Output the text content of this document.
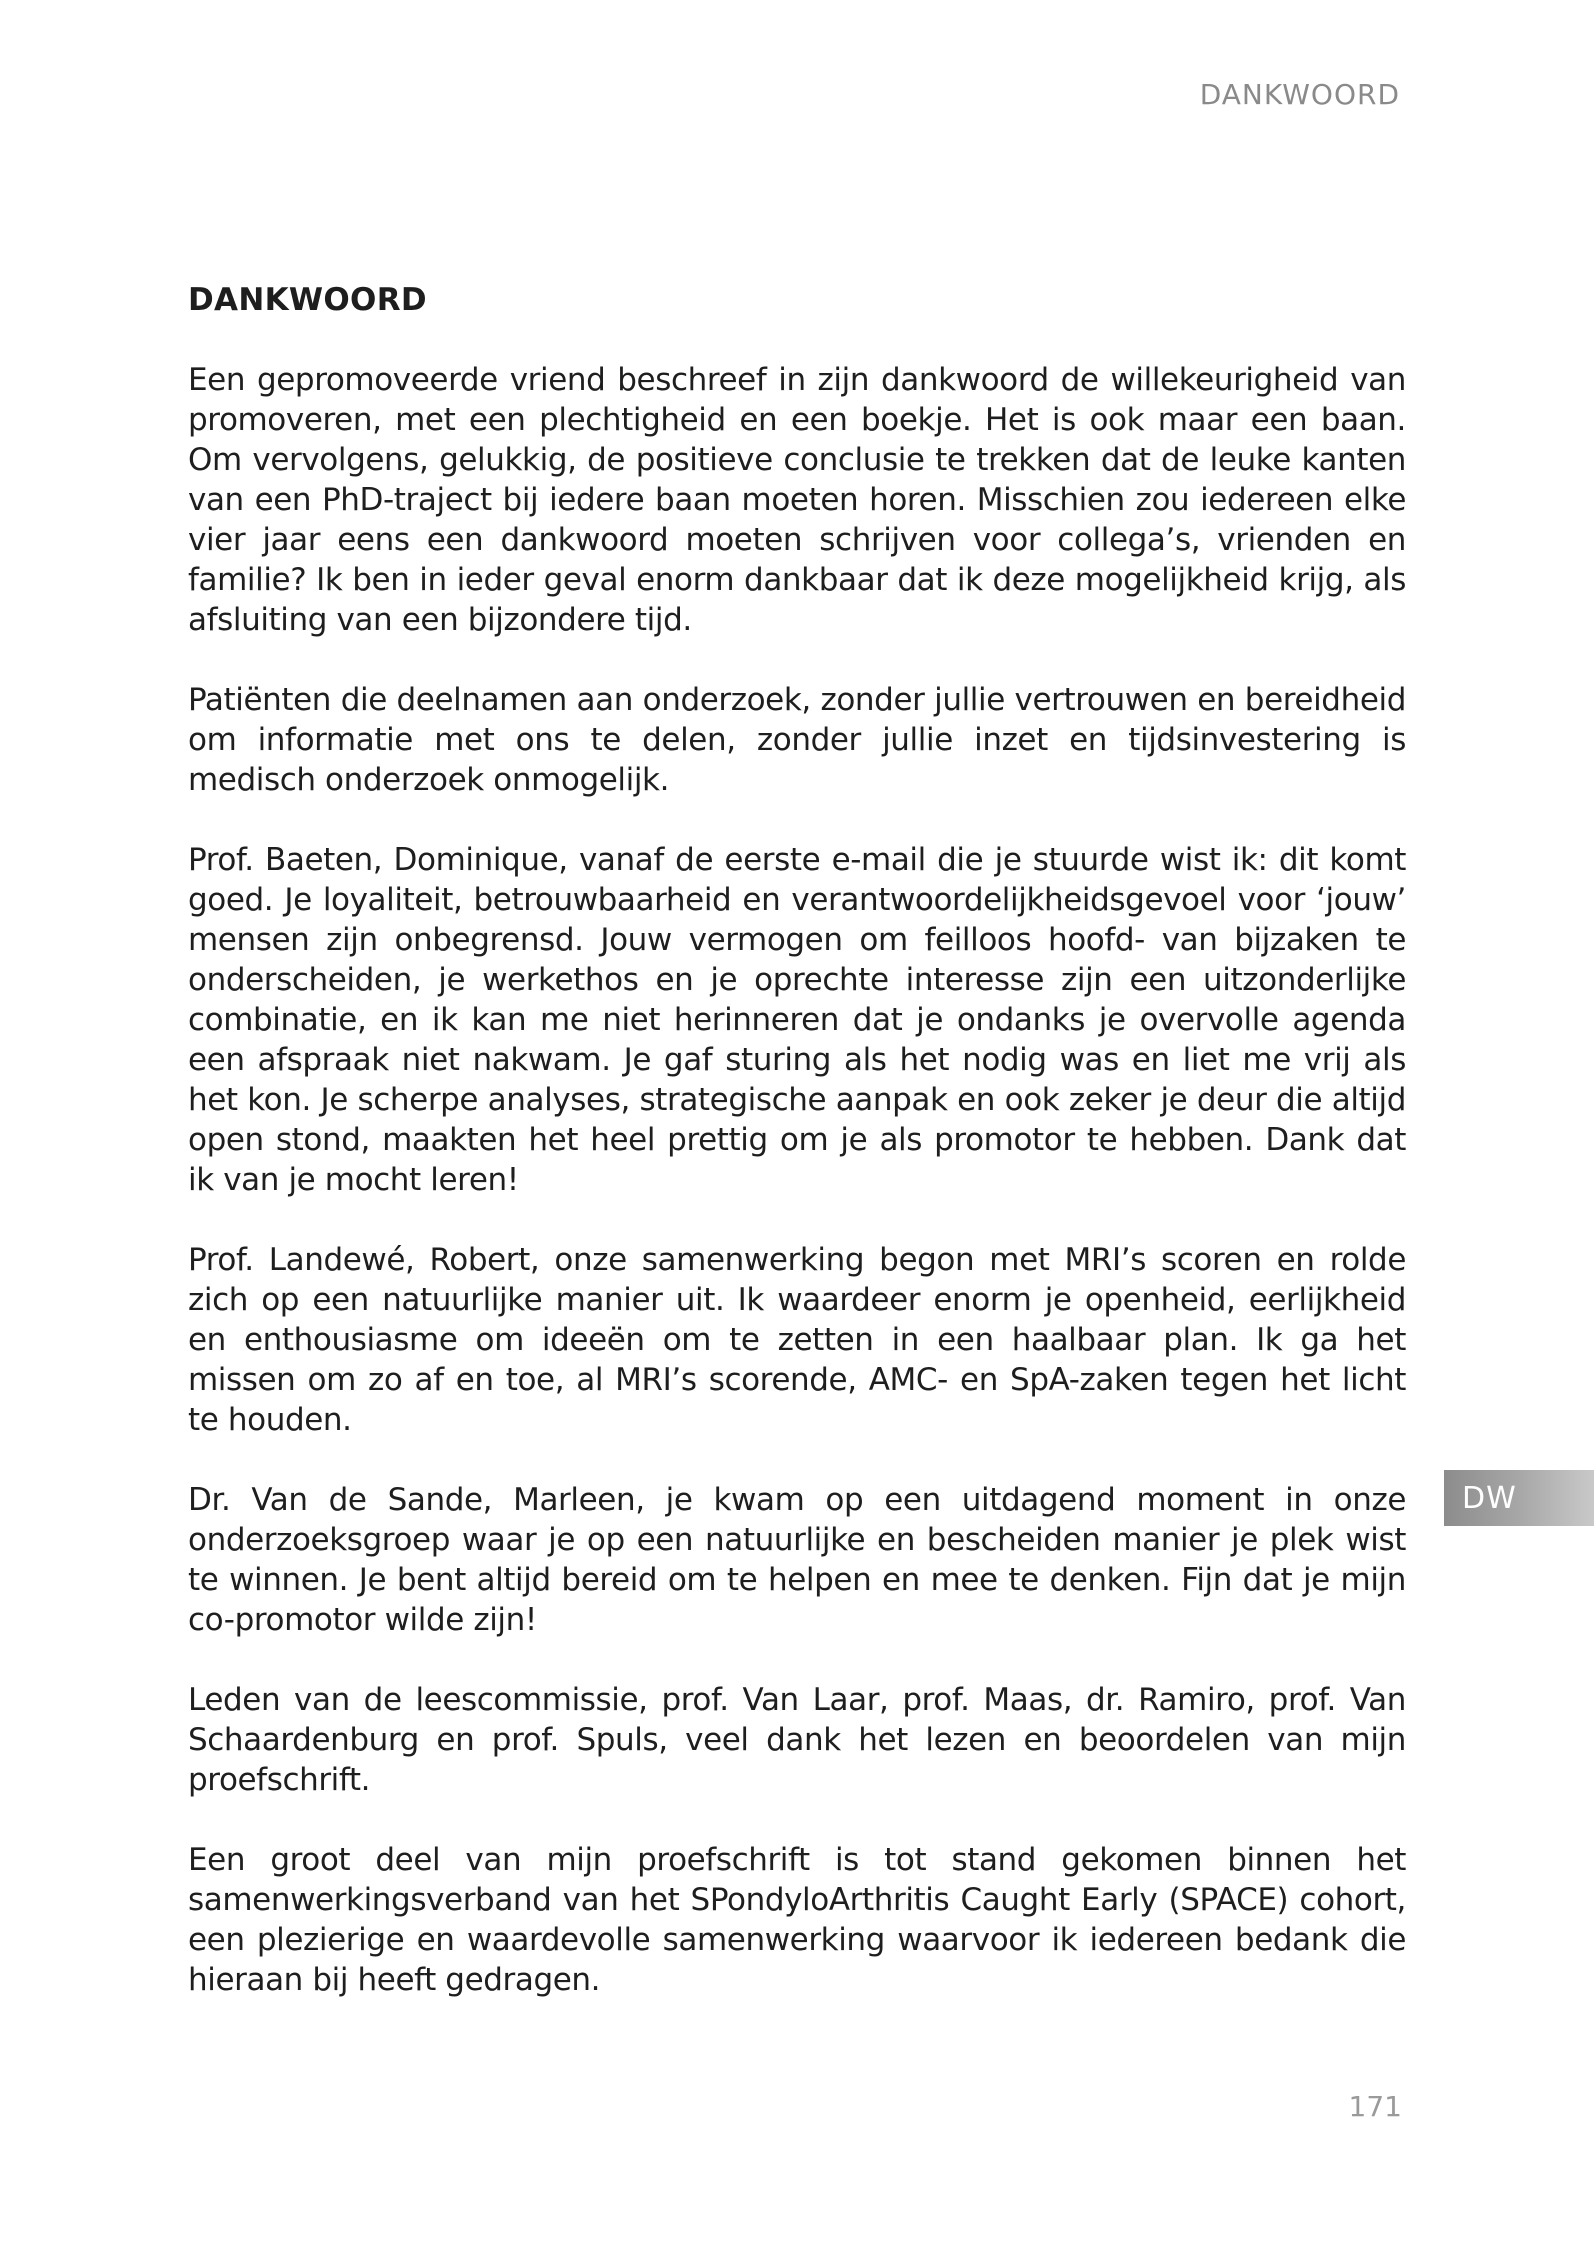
DANKWOORD
DANKWOORD

Een gepromoveerde vriend beschreef in zijn dankwoord de willekeurigheid van promoveren, met een plechtigheid en een boekje. Het is ook maar een baan. Om vervolgens, gelukkig, de positieve conclusie te trekken dat de leuke kanten van een PhD-traject bij iedere baan moeten horen. Misschien zou iedereen elke vier jaar eens een dankwoord moeten schrijven voor collega’s, vrienden en familie? Ik ben in ieder geval enorm dankbaar dat ik deze mogelijkheid krijg, als afsluiting van een bijzondere tijd.

Patiënten die deelnamen aan onderzoek, zonder jullie vertrouwen en bereidheid om informatie met ons te delen, zonder jullie inzet en tijdsinvestering is medisch onderzoek onmogelijk.

Prof. Baeten, Dominique, vanaf de eerste e-mail die je stuurde wist ik: dit komt goed. Je loyaliteit, betrouwbaarheid en verantwoordelijkheidsgevoel voor ‘jouw’ mensen zijn onbegrensd. Jouw vermogen om feilloos hoofd- van bijzaken te onderscheiden, je werkethos en je oprechte interesse zijn een uitzonderlijke combinatie, en ik kan me niet herinneren dat je ondanks je overvolle agenda een afspraak niet nakwam. Je gaf sturing als het nodig was en liet me vrij als het kon. Je scherpe analyses, strategische aanpak en ook zeker je deur die altijd open stond, maakten het heel prettig om je als promotor te hebben. Dank dat ik van je mocht leren!

Prof. Landewé, Robert, onze samenwerking begon met MRI’s scoren en rolde zich op een natuurlijke manier uit. Ik waardeer enorm je openheid, eerlijkheid en enthousiasme om ideeën om te zetten in een haalbaar plan. Ik ga het missen om zo af en toe, al MRI’s scorende, AMC- en SpA-zaken tegen het licht te houden.

Dr. Van de Sande, Marleen, je kwam op een uitdagend moment in onze onderzoeksgroep waar je op een natuurlijke en bescheiden manier je plek wist te winnen. Je bent altijd bereid om te helpen en mee te denken. Fijn dat je mijn co-promotor wilde zijn!

Leden van de leescommissie, prof. Van Laar, prof. Maas, dr. Ramiro, prof. Van Schaardenburg en prof. Spuls, veel dank het lezen en beoordelen van mijn proefschrift.

Een groot deel van mijn proefschrift is tot stand gekomen binnen het samenwerkingsverband van het SPondyloArthritis Caught Early (SPACE) cohort, een plezierige en waardevolle samenwerking waarvoor ik iedereen bedank die hieraan bij heeft gedragen.

DW
171
